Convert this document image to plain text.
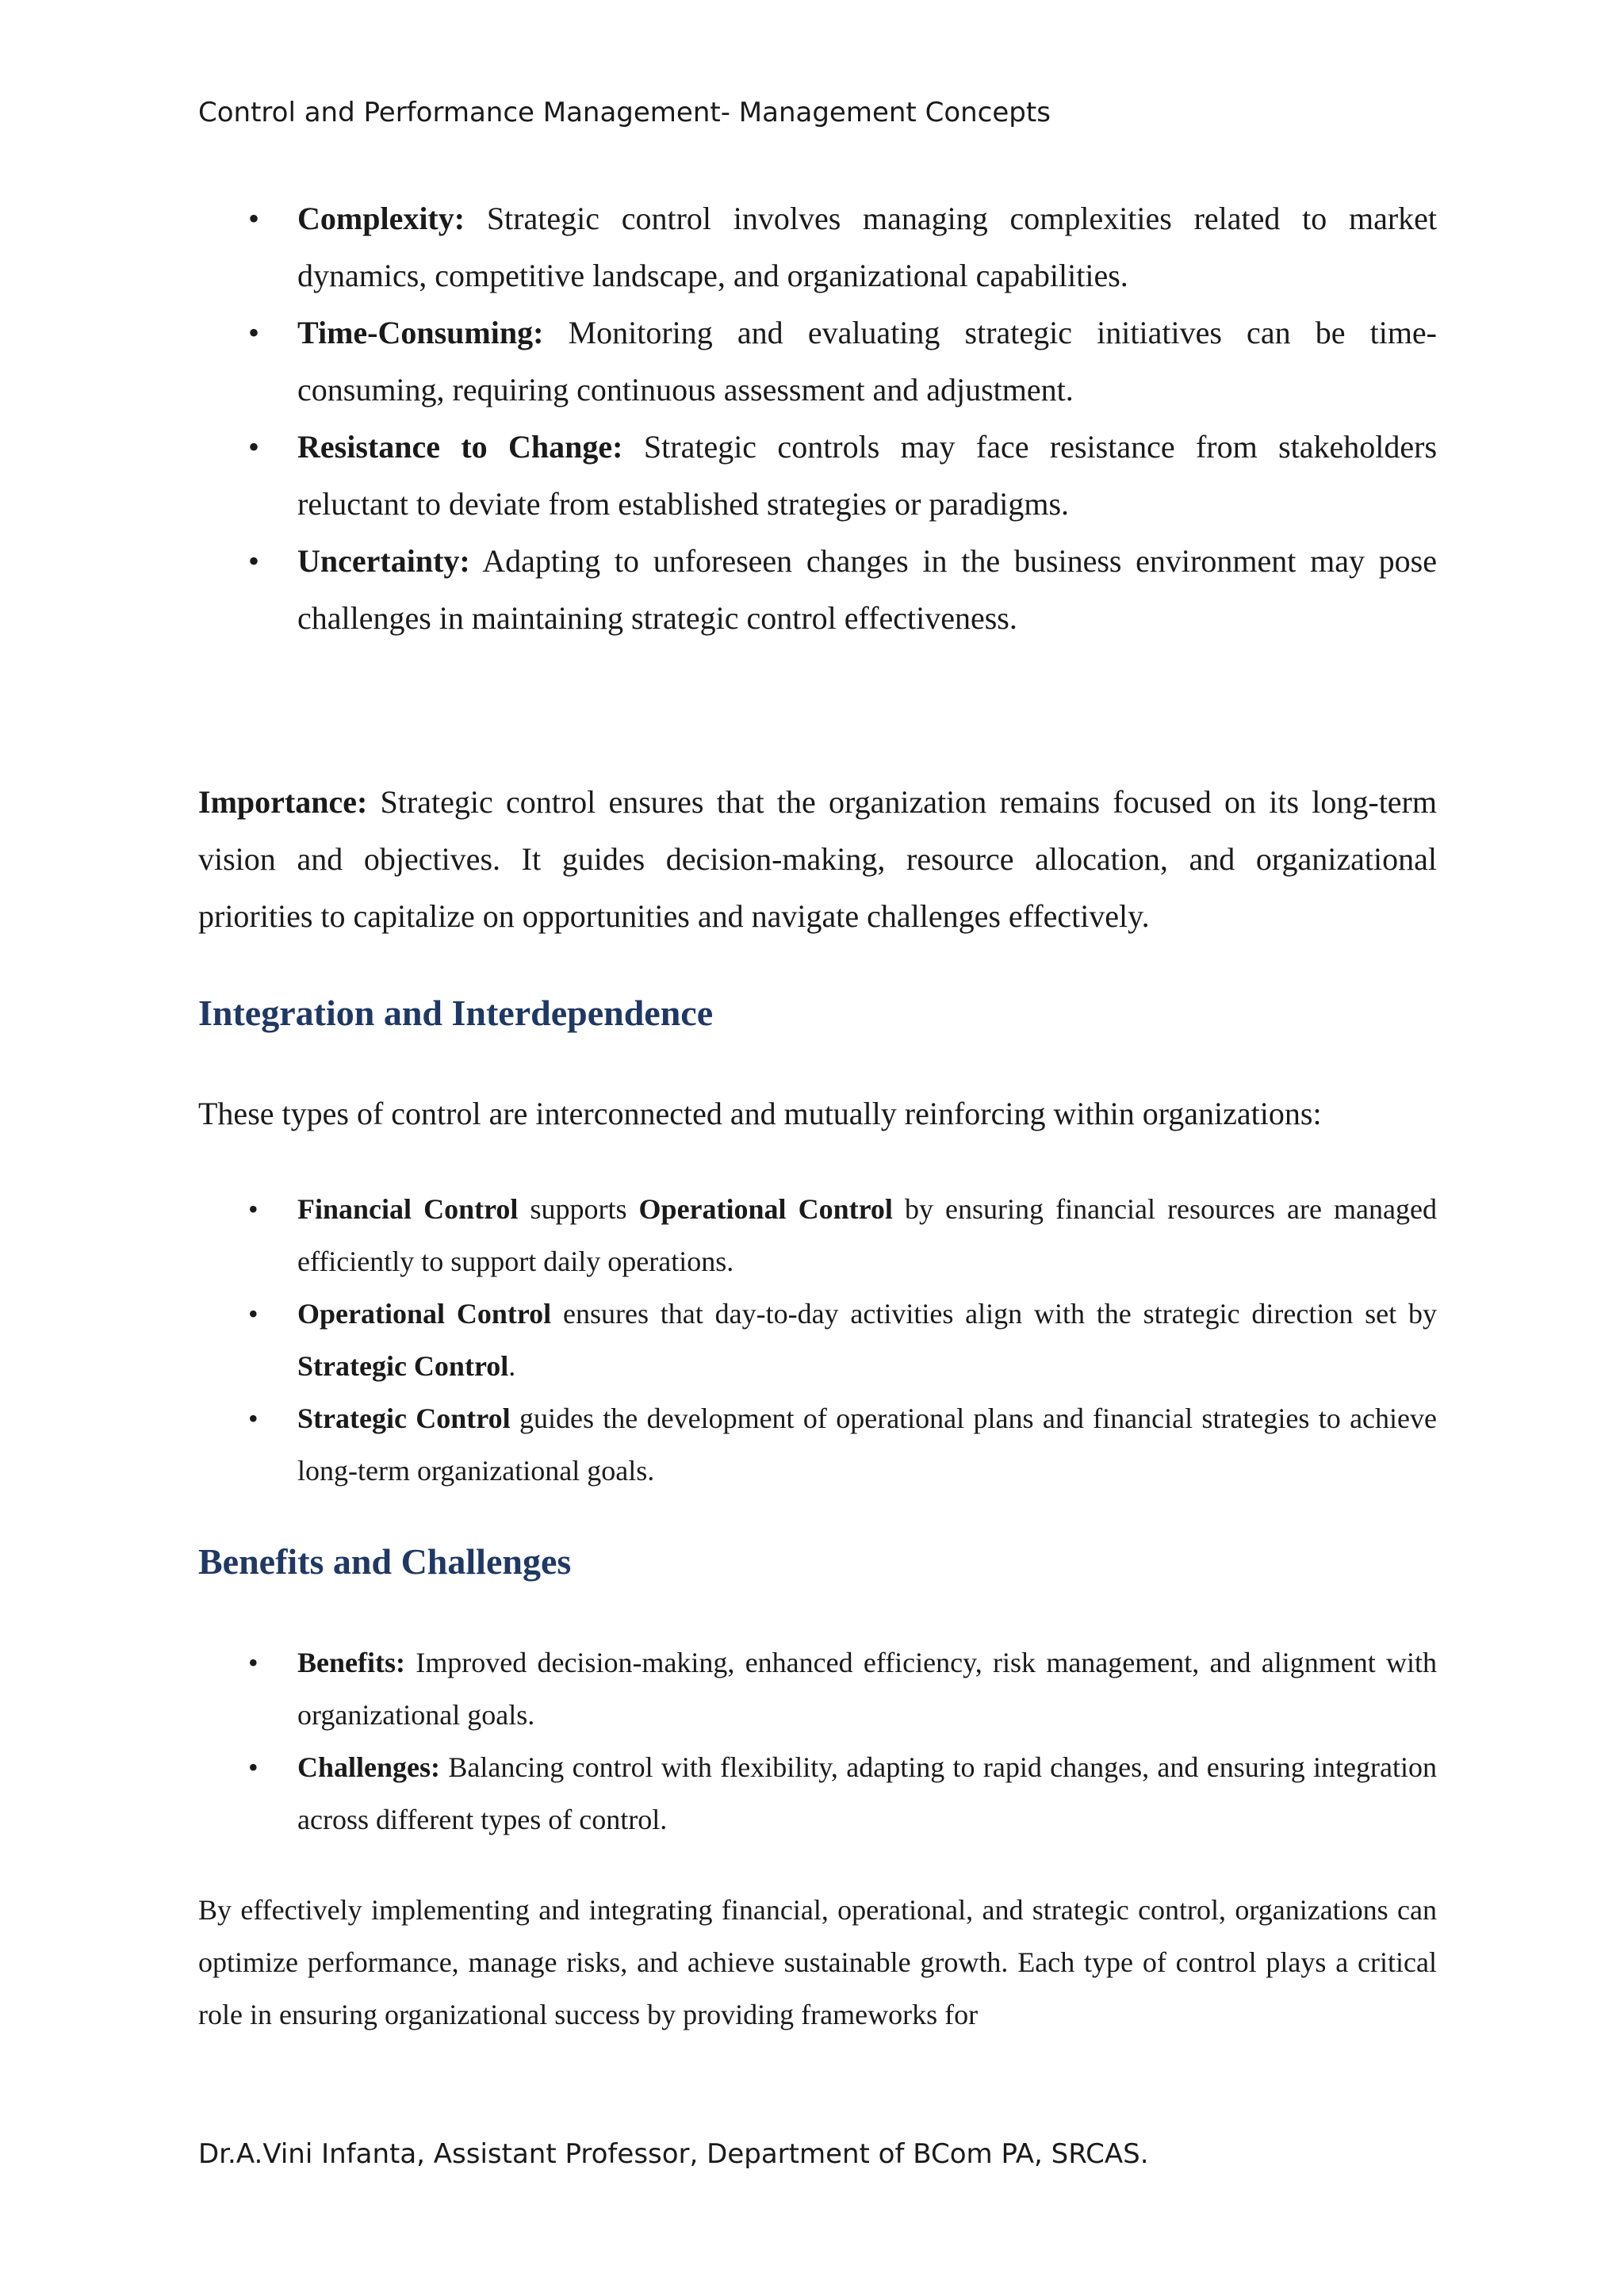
Control and Performance Management- Management Concepts
• Complexity: Strategic control involves managing complexities related to market dynamics, competitive landscape, and organizational capabilities.
• Time-Consuming: Monitoring and evaluating strategic initiatives can be time-consuming, requiring continuous assessment and adjustment.
• Resistance to Change: Strategic controls may face resistance from stakeholders reluctant to deviate from established strategies or paradigms.
• Uncertainty: Adapting to unforeseen changes in the business environment may pose challenges in maintaining strategic control effectiveness.

Importance: Strategic control ensures that the organization remains focused on its long-term vision and objectives. It guides decision-making, resource allocation, and organizational priorities to capitalize on opportunities and navigate challenges effectively.

Integration and Interdependence

These types of control are interconnected and mutually reinforcing within organizations:

• Financial Control supports Operational Control by ensuring financial resources are managed efficiently to support daily operations.
• Operational Control ensures that day-to-day activities align with the strategic direction set by Strategic Control.
• Strategic Control guides the development of operational plans and financial strategies to achieve long-term organizational goals.
Benefits and Challenges
• Benefits: Improved decision-making, enhanced efficiency, risk management, and alignment with organizational goals.
• Challenges: Balancing control with flexibility, adapting to rapid changes, and ensuring integration across different types of control.

By effectively implementing and integrating financial, operational, and strategic control, organizations can optimize performance, manage risks, and achieve sustainable growth. Each type of control plays a critical role in ensuring organizational success by providing frameworks for

Dr.A.Vini Infanta, Assistant Professor, Department of BCom PA, SRCAS.
